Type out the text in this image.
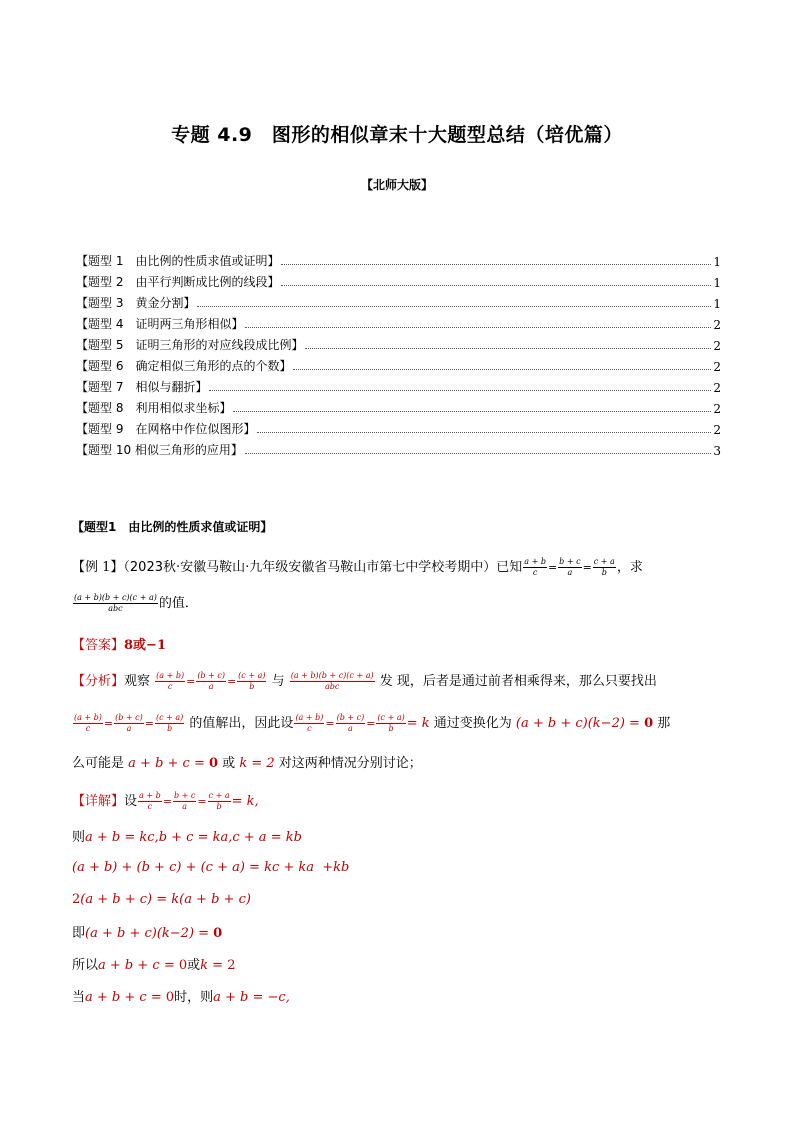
专题 4.9　图形的相似章末十大题型总结（培优篇）
【北师大版】
【题型 1　由比例的性质求值或证明】	1
【题型 2　由平行判断成比例的线段】	1
【题型 3　黄金分割】	1
【题型 4　证明两三角形相似】	2
【题型 5　证明三角形的对应线段成比例】	2
【题型 6　确定相似三角形的点的个数】	2
【题型 7　相似与翻折】	2
【题型 8　利用相似求坐标】	2
【题型 9　在网格中作位似图形】	2
【题型 10 相似三角形的应用】	3
【题型1　由比例的性质求值或证明】
【例 1】（2023秋·安徽马鞍山·九年级安徽省马鞍山市第七中学校考期中）已知 $\frac{a + b}{c} = \frac{b + c}{a} = \frac{c + a}{b}$ ，求
$\frac{(a + b)(b + c)(c + a)}{\text{abc}}$ 的值．
【答案】8或−1
【分析】观察 $\frac{(a + b)}{c} = \frac{(b + c)}{a} = \frac{(c + a)}{b}$ 与 $\frac{(a + b)(b + c)(c + a)}{\text{abc}}$ 发 现，后者是通过前者相乘得来，那么只要找出
$\frac{(a + b)}{c} = \frac{(b + c)}{a} = \frac{(c + a)}{b}$ 的值解出，因此设 $\frac{(a + b)}{c} = \frac{(b + c)}{a} = \frac{(c + a)}{b} = k$ 通过变换化为 (a + b + c)(k−2) = 0 那
么可能是 a + b + c = 0 或 k = 2 对这两种情况分别讨论；
【详解】设 $\frac{a + b}{c} = \frac{b + c}{a} = \frac{c + a}{b} = k$,
则a + b = kc,b + c = ka,c + a = kb
(a + b) + (b + c) + (c + a) = kc + ka  +kb
2(a + b + c) = k(a + b + c)
即(a + b + c)(k−2) = 0
所以a + b + c = 0或k = 2
当a + b + c = 0时，则a + b = −c,
